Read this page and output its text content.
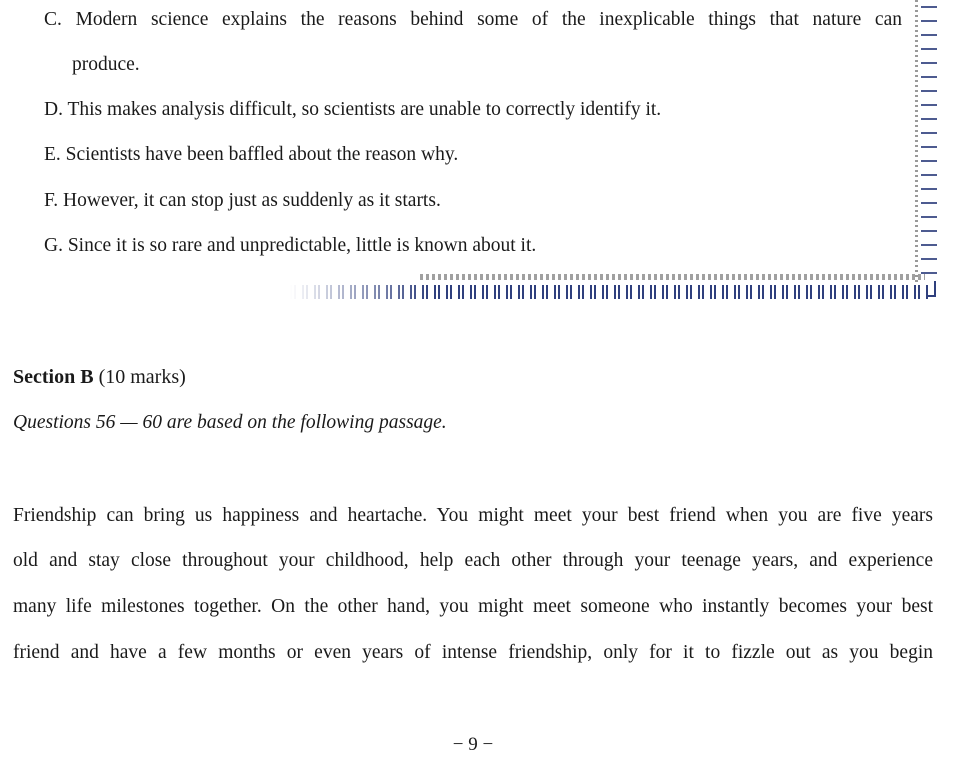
C. Modern science explains the reasons behind some of the inexplicable things that nature can
produce.
D. This makes analysis difficult, so scientists are unable to correctly identify it.
E. Scientists have been baffled about the reason why.
F. However, it can stop just as suddenly as it starts.
G. Since it is so rare and unpredictable, little is known about it.
Section B (10 marks)
Questions 56 — 60 are based on the following passage.
Friendship can bring us happiness and heartache. You might meet your best friend when you are five years
old and stay close throughout your childhood, help each other through your teenage years, and experience
many life milestones together. On the other hand, you might meet someone who instantly becomes your best
friend and have a few months or even years of intense friendship, only for it to fizzle out as you begin
− 9 −
